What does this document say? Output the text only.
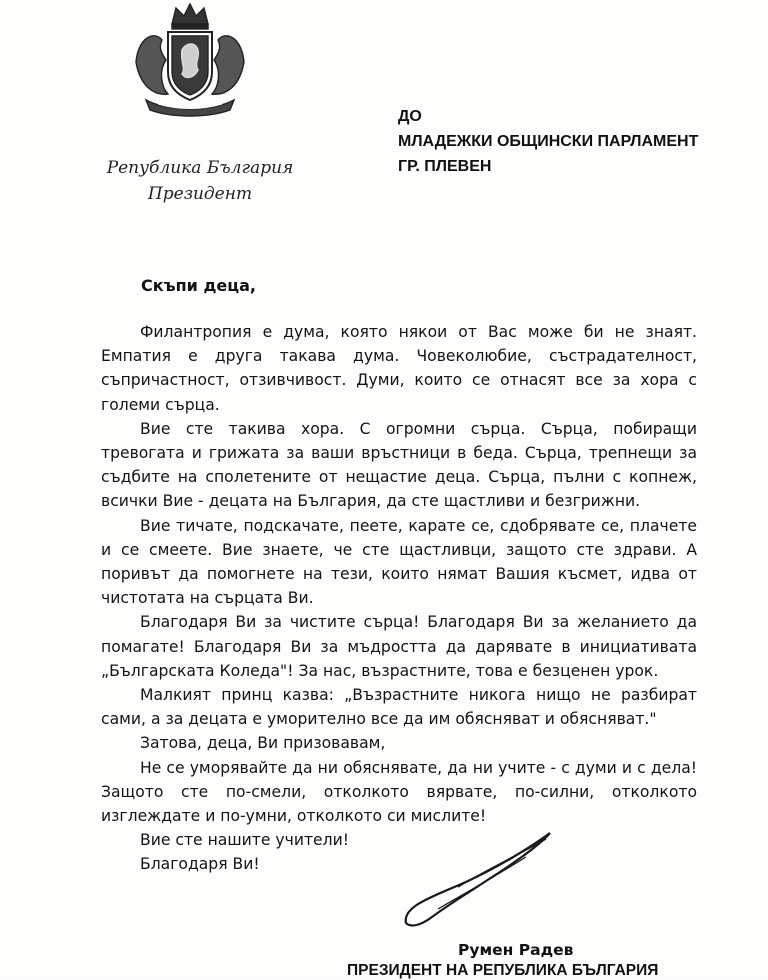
Република България
Президент
ДО
МЛАДЕЖКИ ОБЩИНСКИ ПАРЛАМЕНТ
ГР. ПЛЕВЕН
Скъпи деца,

Филантропия е дума, която някои от Вас може би не знаят. Емпатия е друга такава дума. Човеколюбие, състрадателност, съпричастност, отзивчивост. Думи, които се отнасят все за хора с големи сърца.

Вие сте такива хора. С огромни сърца. Сърца, побиращи тревогата и грижата за ваши връстници в беда. Сърца, трепнещи за съдбите на сполетените от нещастие деца. Сърца, пълни с копнеж, всички Вие - децата на България, да сте щастливи и безгрижни.

Вие тичате, подскачате, пеете, карате се, сдобрявате се, плачете и се смеете. Вие знаете, че сте щастливци, защото сте здрави. А поривът да помогнете на тези, които нямат Вашия късмет, идва от чистотата на сърцата Ви.

Благодаря Ви за чистите сърца! Благодаря Ви за желанието да помагате! Благодаря Ви за мъдростта да дарявате в инициативата „Българската Коледа"! За нас, възрастните, това е безценен урок.

Малкият принц казва: „Възрастните никога нищо не разбират сами, а за децата е уморително все да им обясняват и обясняват."

Затова, деца, Ви призовавам,

Не се уморявайте да ни обяснявате, да ни учите - с думи и с дела! Защото сте по-смели, отколкото вярвате, по-силни, отколкото изглеждате и по-умни, отколкото си мислите!

Вие сте нашите учители!

Благодаря Ви!

Румен Радев
ПРЕЗИДЕНТ НА РЕПУБЛИКА БЪЛГАРИЯ
